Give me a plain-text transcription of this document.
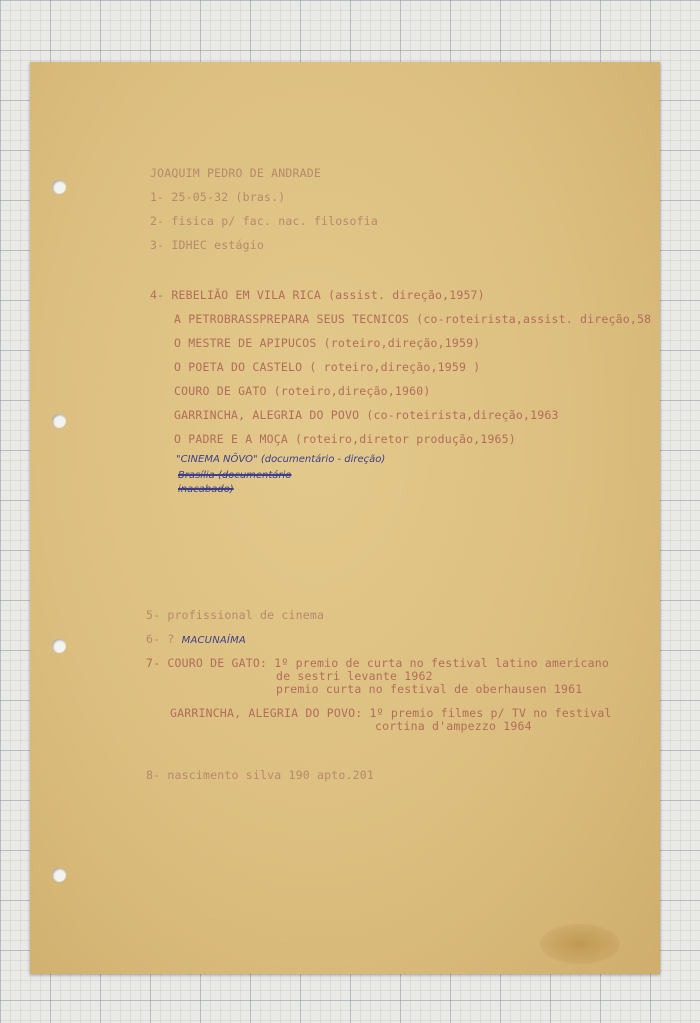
JOAQUIM PEDRO DE ANDRADE
1- 25-05-32 (bras.)
2- fisica p/ fac. nac. filosofia
3- IDHEC estágio
4- REBELIÃO EM VILA RICA (assist. direção,1957)
A PETROBRASSPREPARA SEUS TECNICOS (co-roteirista,assist. direção,58
O MESTRE DE APIPUCOS (roteiro,direção,1959)
O POETA DO CASTELO ( roteiro,direção,1959 )
COURO DE GATO (roteiro,direção,1960)
GARRINCHA, ALEGRIA DO POVO (co-roteirista,direção,1963
O PADRE E A MOÇA (roteiro,diretor produção,1965)
"CINEMA NÔVO" (documentário - direção)
Brasília (documentário
inacabado)
5- profissional de cinema
6- ? MACUNAÍMA
7- COURO DE GATO: 1º premio de curta no festival latino americano
de sestri levante 1962
premio curta no festival de oberhausen 1961
GARRINCHA, ALEGRIA DO POVO: 1º premio filmes p/ TV no festival
cortina d'ampezzo 1964
8- nascimento silva 190 apto.201
